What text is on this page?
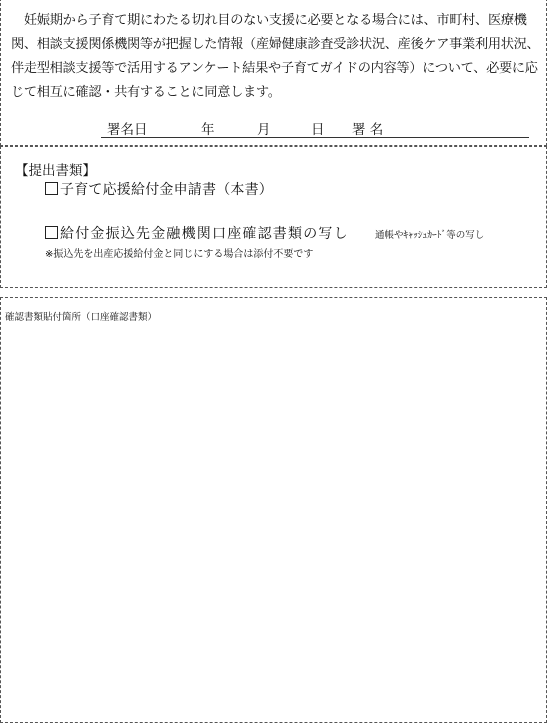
妊娠期から子育て期にわたる切れ目のない支援に必要となる場合には、市町村、医療機関、相談支援関係機関等が把握した情報（産婦健康診査受診状況、産後ケア事業利用状況、伴走型相談支援等で活用するアンケート結果や子育てガイドの内容等）について、必要に応じて相互に確認・共有することに同意します。

署名日	年	月	日 署 名
【提出書類】
子育て応援給付金申請書（本書）
給付金振込先金融機関口座確認書類の写し	通帳やｷｬｯｼｭｶｰﾄﾞ等の写し
※振込先を出産応援給付金と同じにする場合は添付不要です
確認書類貼付箇所（口座確認書類）
